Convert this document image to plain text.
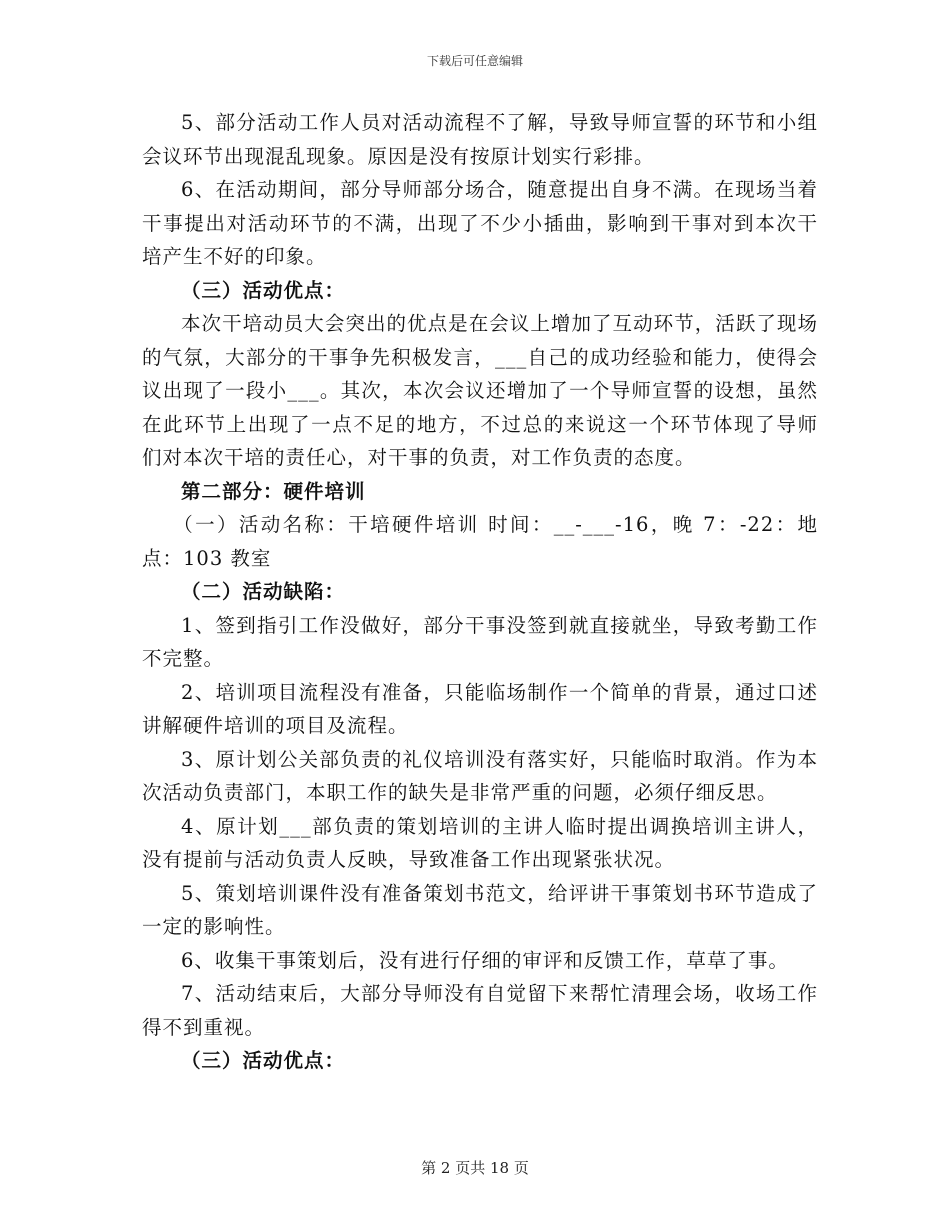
下载后可任意编辑

5、部分活动工作人员对活动流程不了解，导致导师宣誓的环节和小组会议环节出现混乱现象。原因是没有按原计划实行彩排。

6、在活动期间，部分导师部分场合，随意提出自身不满。在现场当着干事提出对活动环节的不满，出现了不少小插曲，影响到干事对到本次干培产生不好的印象。

（三）活动优点：

本次干培动员大会突出的优点是在会议上增加了互动环节，活跃了现场的气氛，大部分的干事争先积极发言，___自己的成功经验和能力，使得会议出现了一段小___。其次，本次会议还增加了一个导师宣誓的设想，虽然在此环节上出现了一点不足的地方，不过总的来说这一个环节体现了导师们对本次干培的责任心，对干事的负责，对工作负责的态度。

第二部分：硬件培训

（一）活动名称：干培硬件培训 时间：__-___-16，晚 7：-22：地点：103 教室

（二）活动缺陷：

1、签到指引工作没做好，部分干事没签到就直接就坐，导致考勤工作不完整。

2、培训项目流程没有准备，只能临场制作一个简单的背景，通过口述讲解硬件培训的项目及流程。

3、原计划公关部负责的礼仪培训没有落实好，只能临时取消。作为本次活动负责部门，本职工作的缺失是非常严重的问题，必须仔细反思。

4、原计划___部负责的策划培训的主讲人临时提出调换培训主讲人，没有提前与活动负责人反映，导致准备工作出现紧张状况。

5、策划培训课件没有准备策划书范文，给评讲干事策划书环节造成了一定的影响性。

6、收集干事策划后，没有进行仔细的审评和反馈工作，草草了事。

7、活动结束后，大部分导师没有自觉留下来帮忙清理会场，收场工作得不到重视。

（三）活动优点：

第 2 页共 18 页
